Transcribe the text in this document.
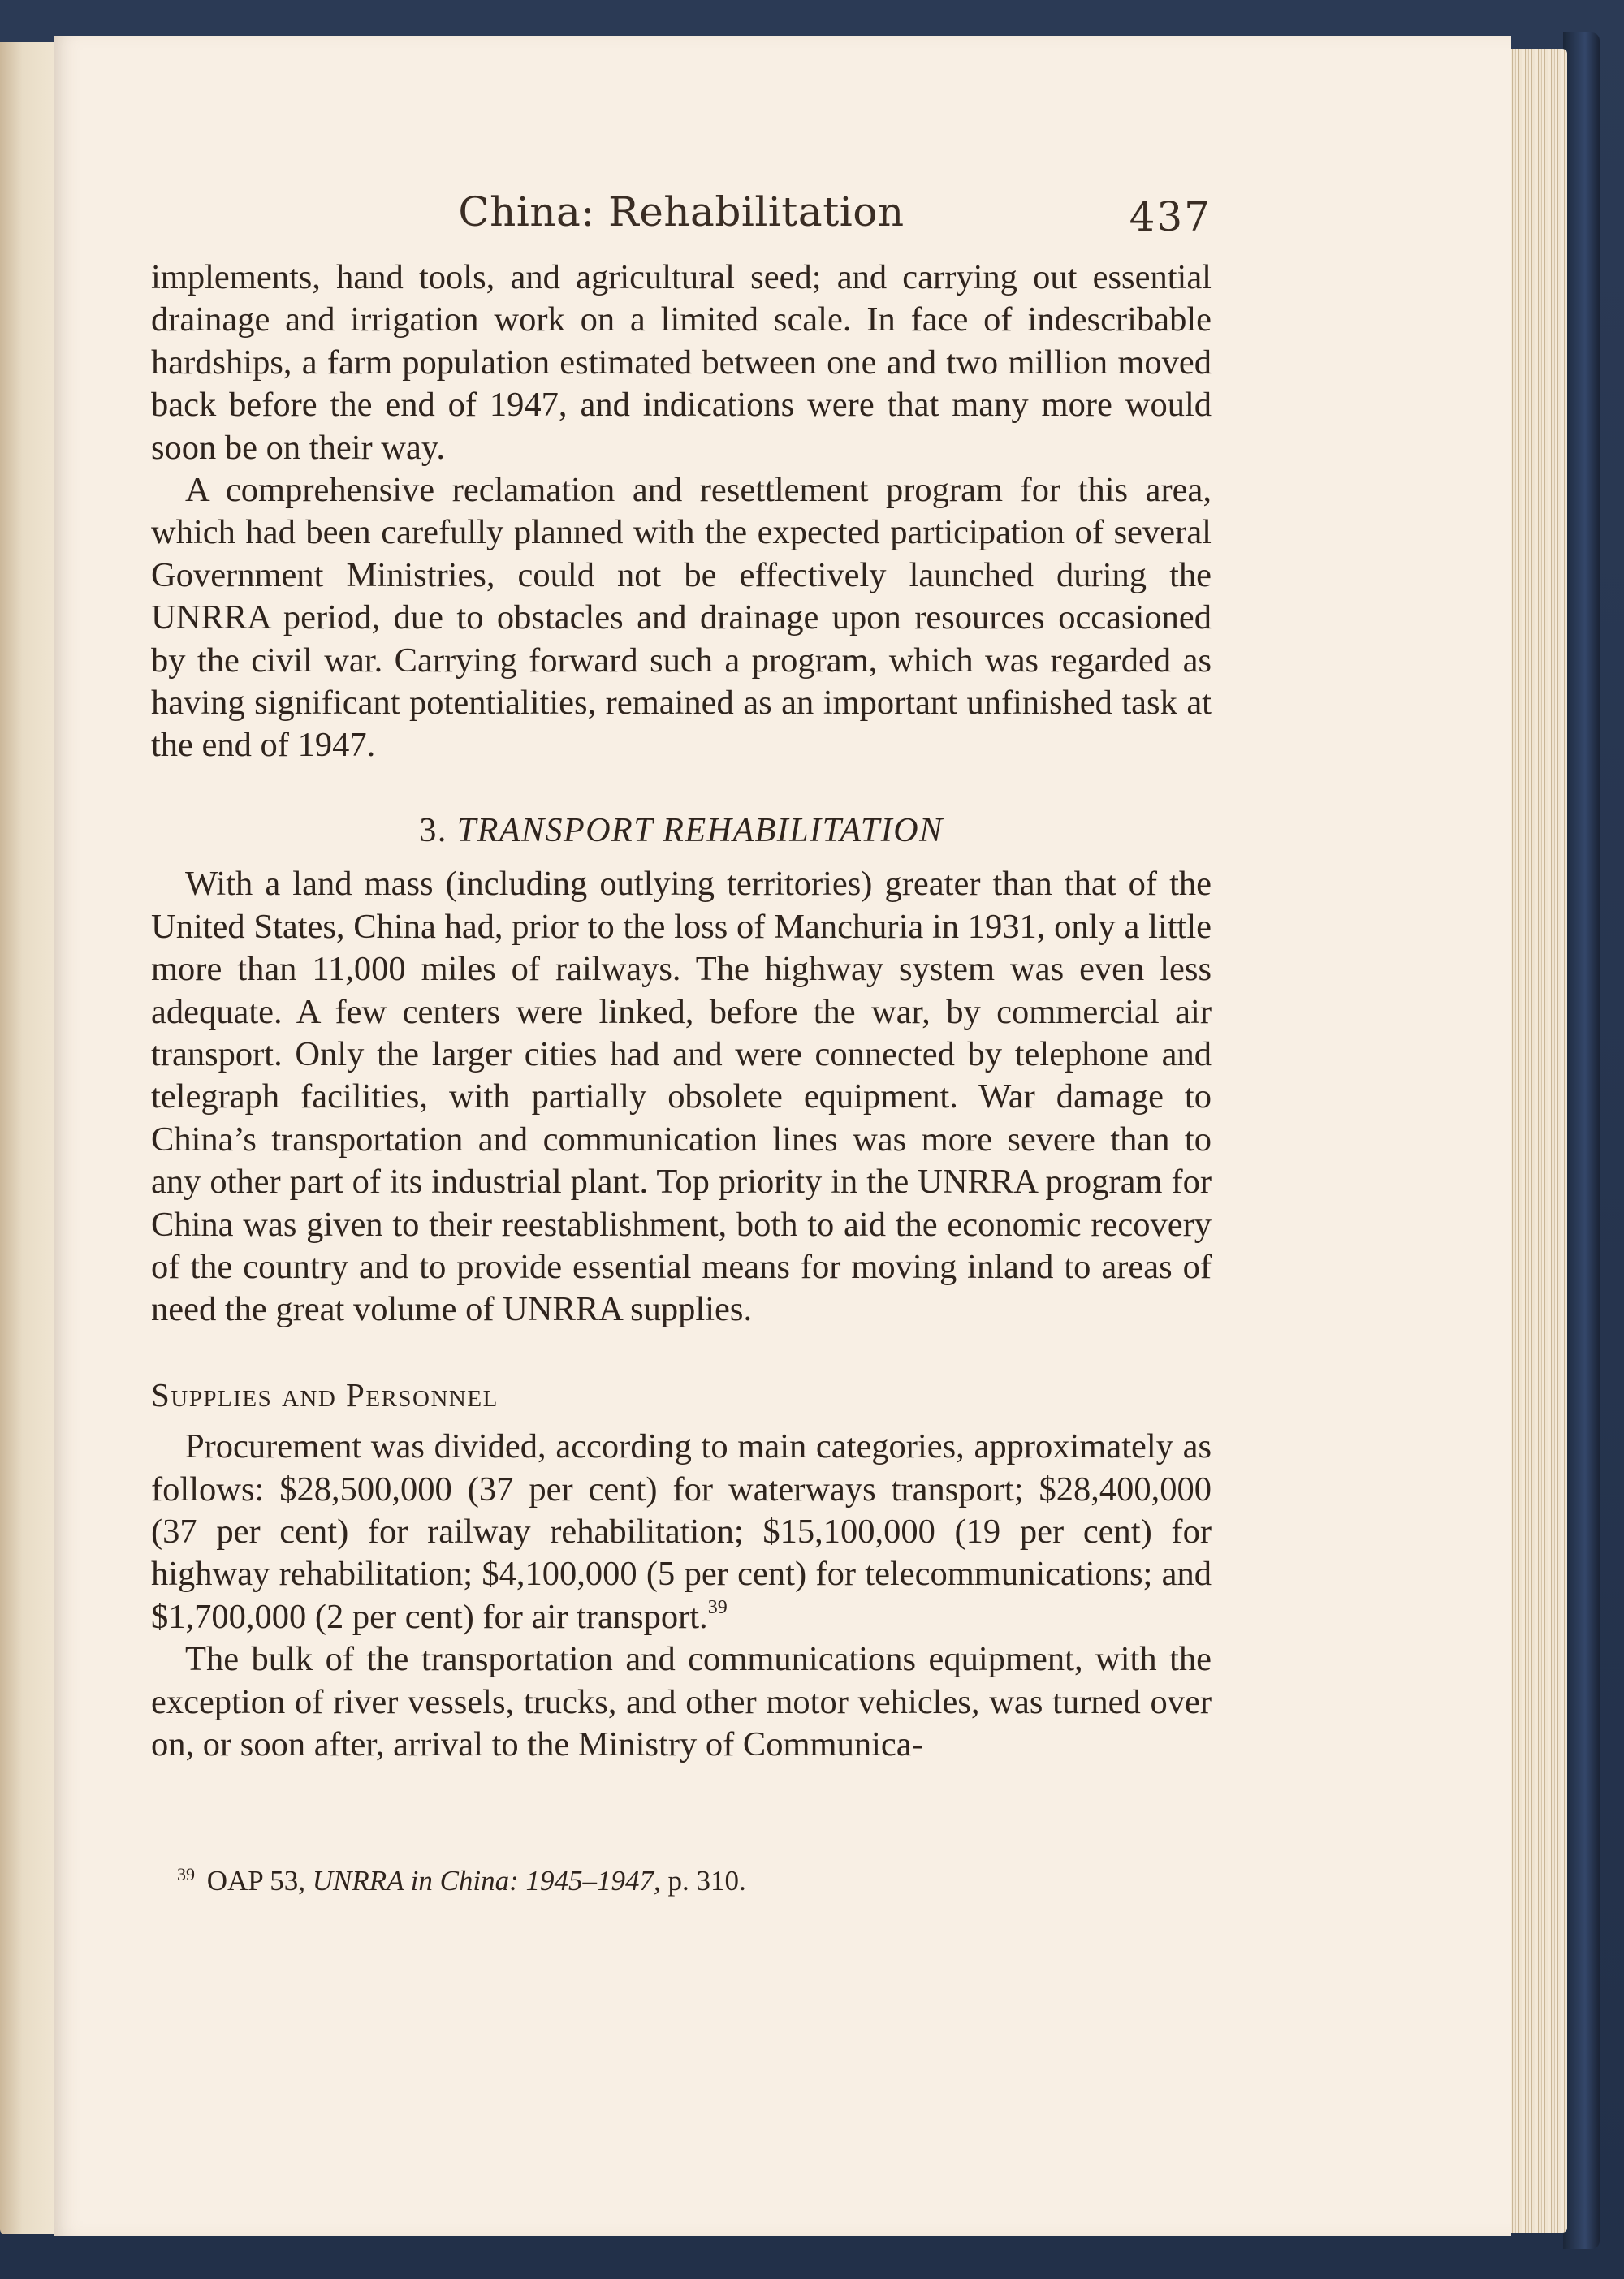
China: Rehabilitation	437

implements, hand tools, and agricultural seed; and carrying out essential drainage and irrigation work on a limited scale. In face of indescribable hardships, a farm population estimated between one and two million moved back before the end of 1947, and indications were that many more would soon be on their way.

A comprehensive reclamation and resettlement program for this area, which had been carefully planned with the expected participation of several Government Ministries, could not be effectively launched during the UNRRA period, due to obstacles and drainage upon resources occasioned by the civil war. Carrying forward such a program, which was regarded as having significant potentialities, remained as an important unfinished task at the end of 1947.

3. TRANSPORT REHABILITATION

With a land mass (including outlying territories) greater than that of the United States, China had, prior to the loss of Manchuria in 1931, only a little more than 11,000 miles of railways. The highway system was even less adequate. A few centers were linked, before the war, by commercial air transport. Only the larger cities had and were connected by telephone and telegraph facilities, with partially obsolete equipment. War damage to China’s transportation and communication lines was more severe than to any other part of its industrial plant. Top priority in the UNRRA program for China was given to their reestablishment, both to aid the economic recovery of the country and to provide essential means for moving inland to areas of need the great volume of UNRRA supplies.

Supplies and Personnel

Procurement was divided, according to main categories, approximately as follows: $28,500,000 (37 per cent) for waterways transport; $28,400,000 (37 per cent) for railway rehabilitation; $15,100,000 (19 per cent) for highway rehabilitation; $4,100,000 (5 per cent) for telecommunications; and $1,700,000 (2 per cent) for air transport.$^{39}$

The bulk of the transportation and communications equipment, with the exception of river vessels, trucks, and other motor vehicles, was turned over on, or soon after, arrival to the Ministry of Communica-

$^{39}$ OAP 53, UNRRA in China: 1945–1947, p. 310.
